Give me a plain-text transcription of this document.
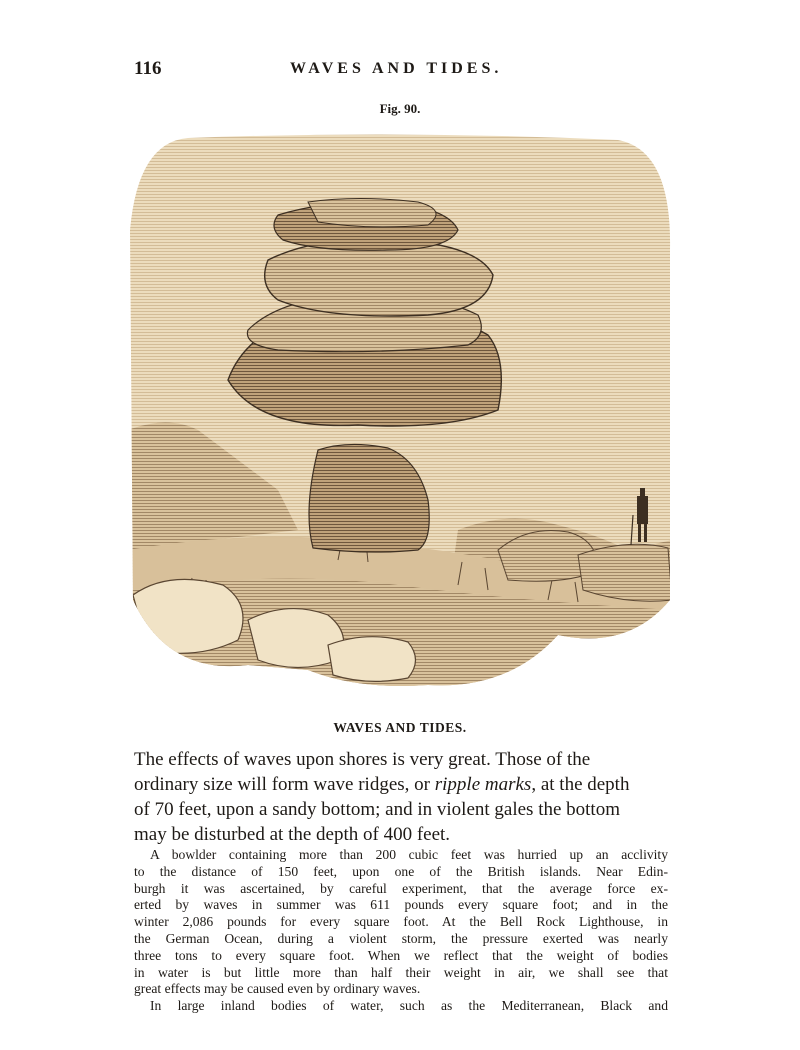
116	WAVES AND TIDES.
Fig. 90.
WAVES AND TIDES.
The effects of waves upon shores is very great. Those of the
ordinary size will form wave ridges, or ripple marks, at the depth
of 70 feet, upon a sandy bottom; and in violent gales the bottom
may be disturbed at the depth of 400 feet.
A bowlder containing more than 200 cubic feet was hurried up an acclivity
to the distance of 150 feet, upon one of the British islands. Near Edin-
burgh it was ascertained, by careful experiment, that the average force ex-
erted by waves in summer was 611 pounds every square foot; and in the
winter 2,086 pounds for every square foot. At the Bell Rock Lighthouse, in
the German Ocean, during a violent storm, the pressure exerted was nearly
three tons to every square foot. When we reflect that the weight of bodies
in water is but little more than half their weight in air, we shall see that
great effects may be caused even by ordinary waves.
In large inland bodies of water, such as the Mediterranean, Black and
